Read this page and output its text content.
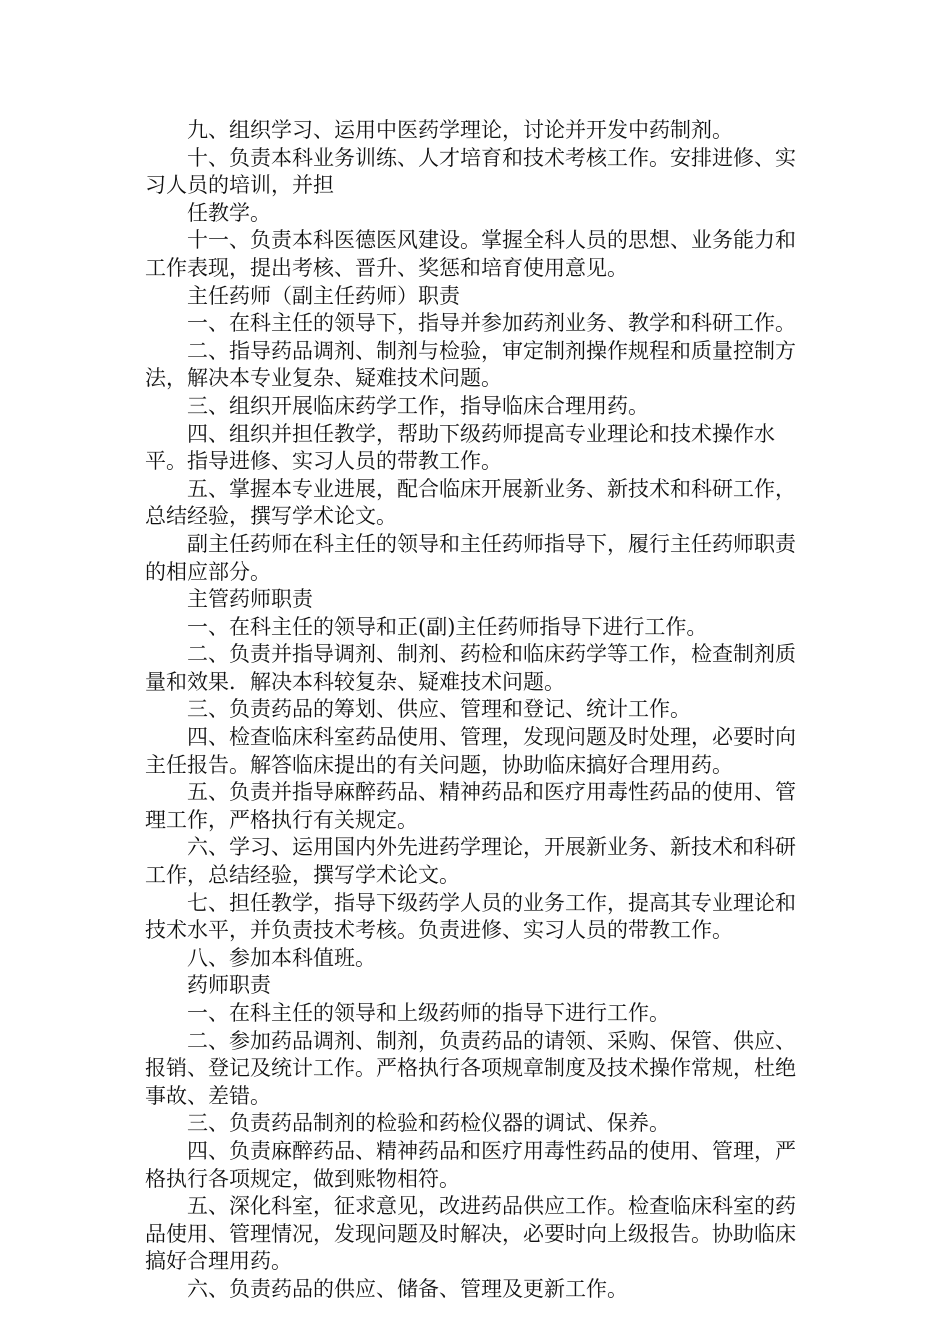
九、组织学习、运用中医药学理论，讨论并开发中药制剂。

十、负责本科业务训练、人才培育和技术考核工作。安排进修、实习人员的培训，并担

任教学。

十一、负责本科医德医风建设。掌握全科人员的思想、业务能力和工作表现，提出考核、晋升、奖惩和培育使用意见。

主任药师（副主任药师）职责

一、在科主任的领导下，指导并参加药剂业务、教学和科研工作。

二、指导药品调剂、制剂与检验，审定制剂操作规程和质量控制方法，解决本专业复杂、疑难技术问题。

三、组织开展临床药学工作，指导临床合理用药。

四、组织并担任教学，帮助下级药师提高专业理论和技术操作水平。指导进修、实习人员的带教工作。

五、掌握本专业进展，配合临床开展新业务、新技术和科研工作，总结经验，撰写学术论文。

副主任药师在科主任的领导和主任药师指导下，履行主任药师职责的相应部分。

主管药师职责

一、在科主任的领导和正(副)主任药师指导下进行工作。

二、负责并指导调剂、制剂、药检和临床药学等工作，检查制剂质量和效果．解决本科较复杂、疑难技术问题。

三、负责药品的筹划、供应、管理和登记、统计工作。

四、检查临床科室药品使用、管理，发现问题及时处理，必要时向主任报告。解答临床提出的有关问题，协助临床搞好合理用药。

五、负责并指导麻醉药品、精神药品和医疗用毒性药品的使用、管理工作，严格执行有关规定。

六、学习、运用国内外先进药学理论，开展新业务、新技术和科研工作，总结经验，撰写学术论文。

七、担任教学，指导下级药学人员的业务工作，提高其专业理论和技术水平，并负责技术考核。负责进修、实习人员的带教工作。

八、参加本科值班。

药师职责

一、在科主任的领导和上级药师的指导下进行工作。

二、参加药品调剂、制剂，负责药品的请领、采购、保管、供应、报销、登记及统计工作。严格执行各项规章制度及技术操作常规，杜绝事故、差错。

三、负责药品制剂的检验和药检仪器的调试、保养。

四、负责麻醉药品、精神药品和医疗用毒性药品的使用、管理，严格执行各项规定，做到账物相符。

五、深化科室，征求意见，改进药品供应工作。检查临床科室的药品使用、管理情况，发现问题及时解决，必要时向上级报告。协助临床搞好合理用药。

六、负责药品的供应、储备、管理及更新工作。
